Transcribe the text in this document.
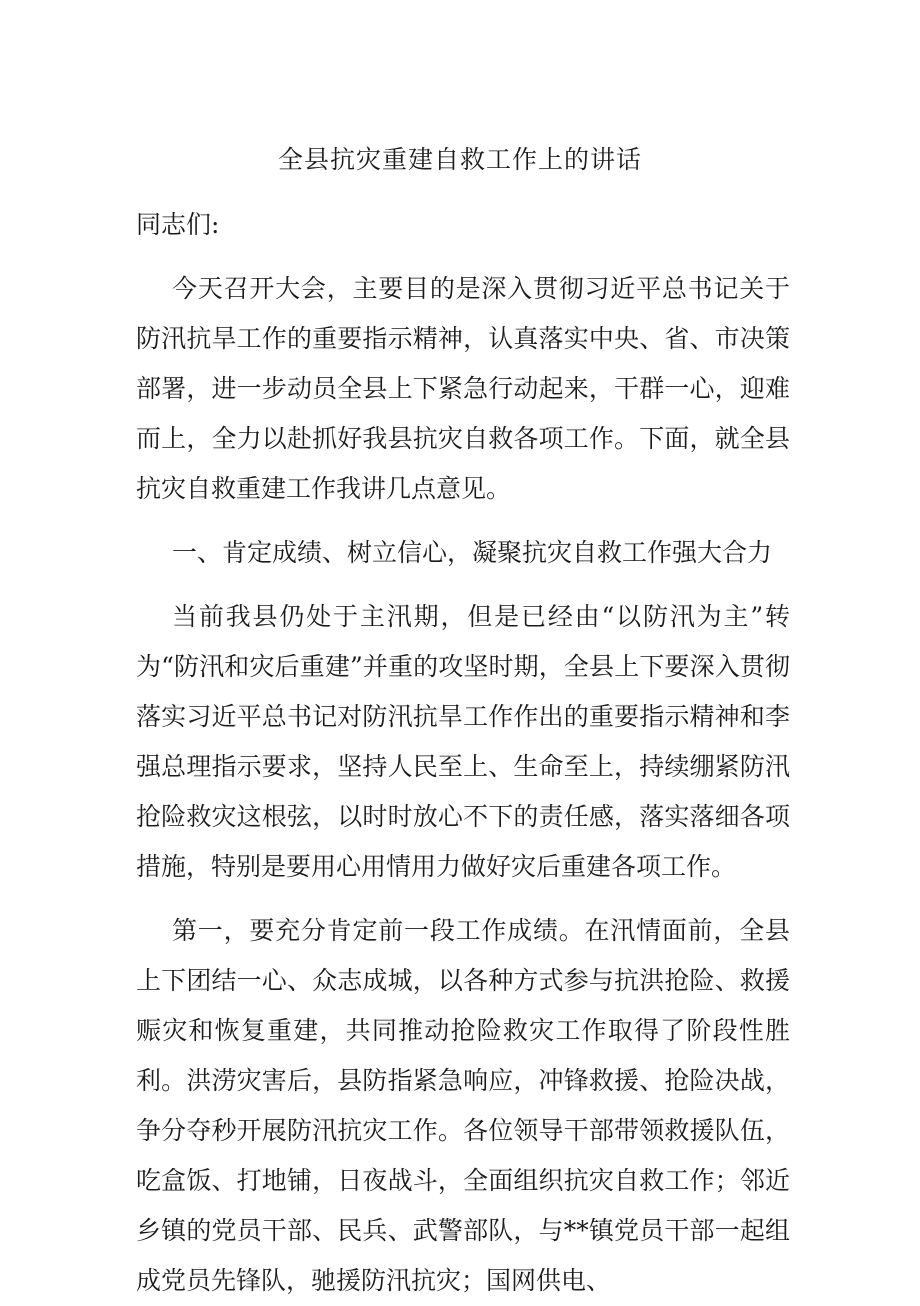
全县抗灾重建自救工作上的讲话

同志们:

今天召开大会，主要目的是深入贯彻习近平总书记关于防汛抗旱工作的重要指示精神，认真落实中央、省、市决策部署，进一步动员全县上下紧急行动起来，干群一心，迎难而上，全力以赴抓好我县抗灾自救各项工作。下面，就全县抗灾自救重建工作我讲几点意见。

一、肯定成绩、树立信心，凝聚抗灾自救工作强大合力

当前我县仍处于主汛期，但是已经由“以防汛为主”转为“防汛和灾后重建”并重的攻坚时期，全县上下要深入贯彻落实习近平总书记对防汛抗旱工作作出的重要指示精神和李强总理指示要求，坚持人民至上、生命至上，持续绷紧防汛抢险救灾这根弦，以时时放心不下的责任感，落实落细各项措施，特别是要用心用情用力做好灾后重建各项工作。

第一，要充分肯定前一段工作成绩。在汛情面前，全县上下团结一心、众志成城，以各种方式参与抗洪抢险、救援赈灾和恢复重建，共同推动抢险救灾工作取得了阶段性胜利。洪涝灾害后，县防指紧急响应，冲锋救援、抢险决战，争分夺秒开展防汛抗灾工作。各位领导干部带领救援队伍，吃盒饭、打地铺，日夜战斗，全面组织抗灾自救工作；邻近乡镇的党员干部、民兵、武警部队，与**镇党员干部一起组成党员先锋队，驰援防汛抗灾；国网供电、
